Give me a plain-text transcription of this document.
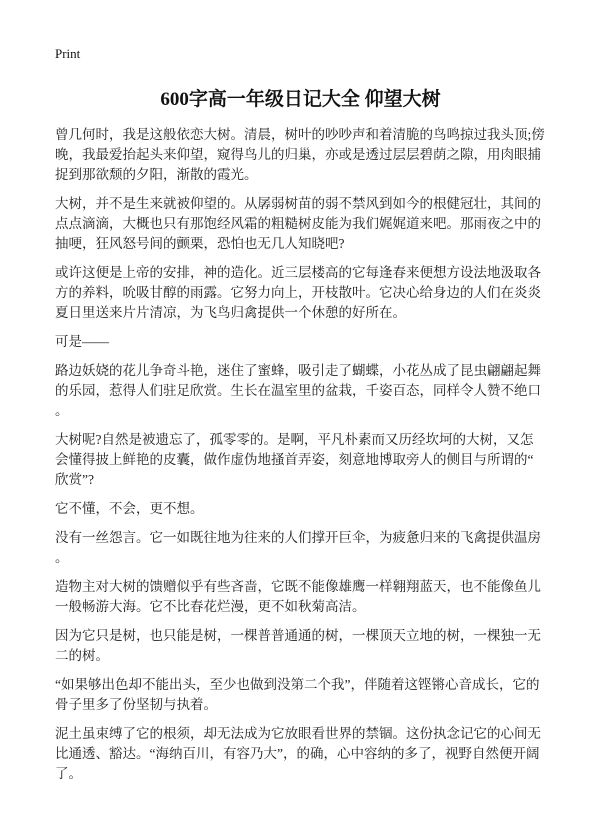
Print
600字高一年级日记大全 仰望大树

曾几何时，我是这般依恋大树。清晨，树叶的吵吵声和着清脆的鸟鸣掠过我头顶;傍晚，我最爱抬起头来仰望，窥得鸟儿的归巢，亦或是透过层层碧荫之隙，用肉眼捕捉到那欲颓的夕阳，渐散的霞光。

大树，并不是生来就被仰望的。从孱弱树苗的弱不禁风到如今的根健冠壮，其间的点点滴滴，大概也只有那饱经风霜的粗糙树皮能为我们娓娓道来吧。那雨夜之中的抽哽，狂风怒号间的颤栗，恐怕也无几人知晓吧?

或许这便是上帝的安排，神的造化。近三层楼高的它每逢春来便想方设法地汲取各方的养料，吮吸甘醇的雨露。它努力向上，开枝散叶。它决心给身边的人们在炎炎夏日里送来片片清凉，为飞鸟归禽提供一个休憩的好所在。

可是——

路边妖娆的花儿争奇斗艳，迷住了蜜蜂，吸引走了蝴蝶，小花丛成了昆虫翩翩起舞的乐园，惹得人们驻足欣赏。生长在温室里的盆栽，千姿百态，同样令人赞不绝口。

大树呢?自然是被遗忘了，孤零零的。是啊，平凡朴素而又历经坎坷的大树，又怎会懂得披上鲜艳的皮囊，做作虚伪地搔首弄姿，刻意地博取旁人的侧目与所谓的“欣赏”?

它不懂，不会，更不想。

没有一丝怨言。它一如既往地为往来的人们撑开巨伞，为疲惫归来的飞禽提供温房。

造物主对大树的馈赠似乎有些吝啬，它既不能像雄鹰一样翱翔蓝天，也不能像鱼儿一般畅游大海。它不比春花烂漫，更不如秋菊高洁。

因为它只是树，也只能是树，一棵普普通通的树，一棵顶天立地的树，一棵独一无二的树。

“如果够出色却不能出头，至少也做到没第二个我”，伴随着这铿锵心音成长，它的骨子里多了份坚韧与执着。

泥土虽束缚了它的根须，却无法成为它放眼看世界的禁锢。这份执念记它的心间无比通透、豁达。“海纳百川，有容乃大”，的确，心中容纳的多了，视野自然便开阔了。
